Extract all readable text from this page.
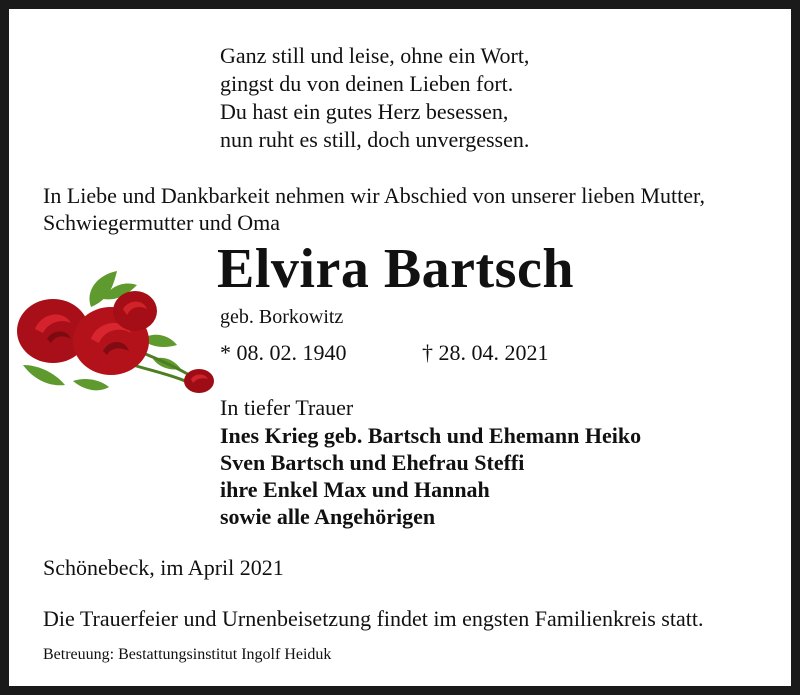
Ganz still und leise, ohne ein Wort,
gingst du von deinen Lieben fort.
Du hast ein gutes Herz besessen,
nun ruht es still, doch unvergessen.
In Liebe und Dankbarkeit nehmen wir Abschied von unserer lieben Mutter,
Schwiegermutter und Oma
Elvira Bartsch
geb. Borkowitz
* 08. 02. 1940	† 28. 04. 2021
In tiefer Trauer
Ines Krieg geb. Bartsch und Ehemann Heiko
Sven Bartsch und Ehefrau Steffi
ihre Enkel Max und Hannah
sowie alle Angehörigen
Schönebeck, im April 2021
Die Trauerfeier und Urnenbeisetzung findet im engsten Familienkreis statt.
Betreuung: Bestattungsinstitut Ingolf Heiduk
